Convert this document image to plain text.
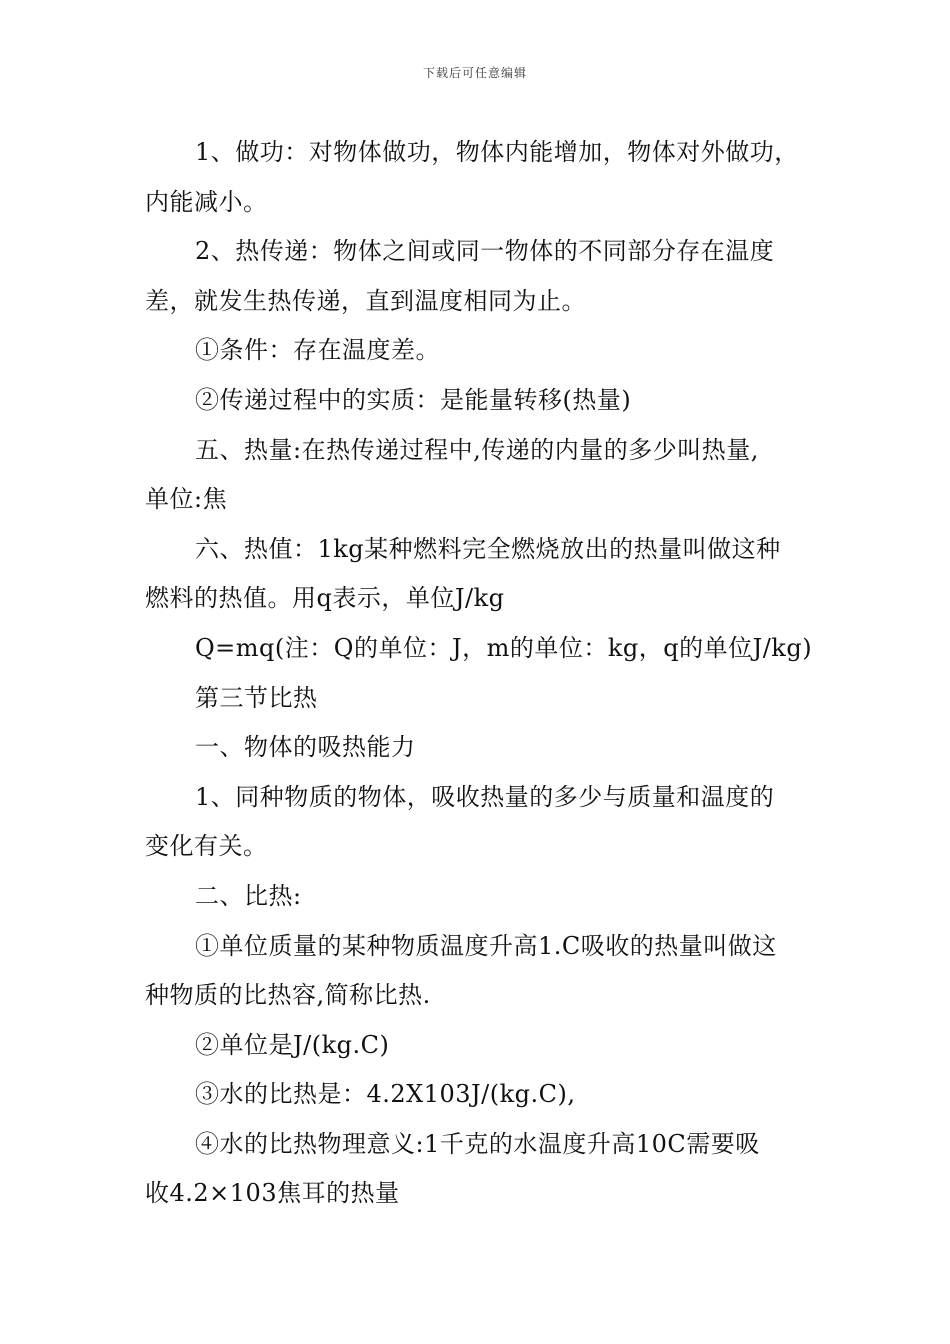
下载后可任意编辑
1、做功：对物体做功，物体内能增加，物体对外做功，
内能减小。
2、热传递：物体之间或同一物体的不同部分存在温度
差，就发生热传递，直到温度相同为止。
①条件：存在温度差。
②传递过程中的实质：是能量转移(热量)
五、热量:在热传递过程中,传递的内量的多少叫热量,
单位:焦
六、热值：1kg某种燃料完全燃烧放出的热量叫做这种
燃料的热值。用q表示，单位J/kg
Q=mq(注：Q的单位：J，m的单位：kg，q的单位J/kg)
第三节比热
一、物体的吸热能力
1、同种物质的物体，吸收热量的多少与质量和温度的
变化有关。
二、比热:
①单位质量的某种物质温度升高1.C吸收的热量叫做这
种物质的比热容,简称比热.
②单位是J/(kg.C)
③水的比热是：4.2X103J/(kg.C),
④水的比热物理意义:1千克的水温度升高10C需要吸
收4.2×103焦耳的热量
